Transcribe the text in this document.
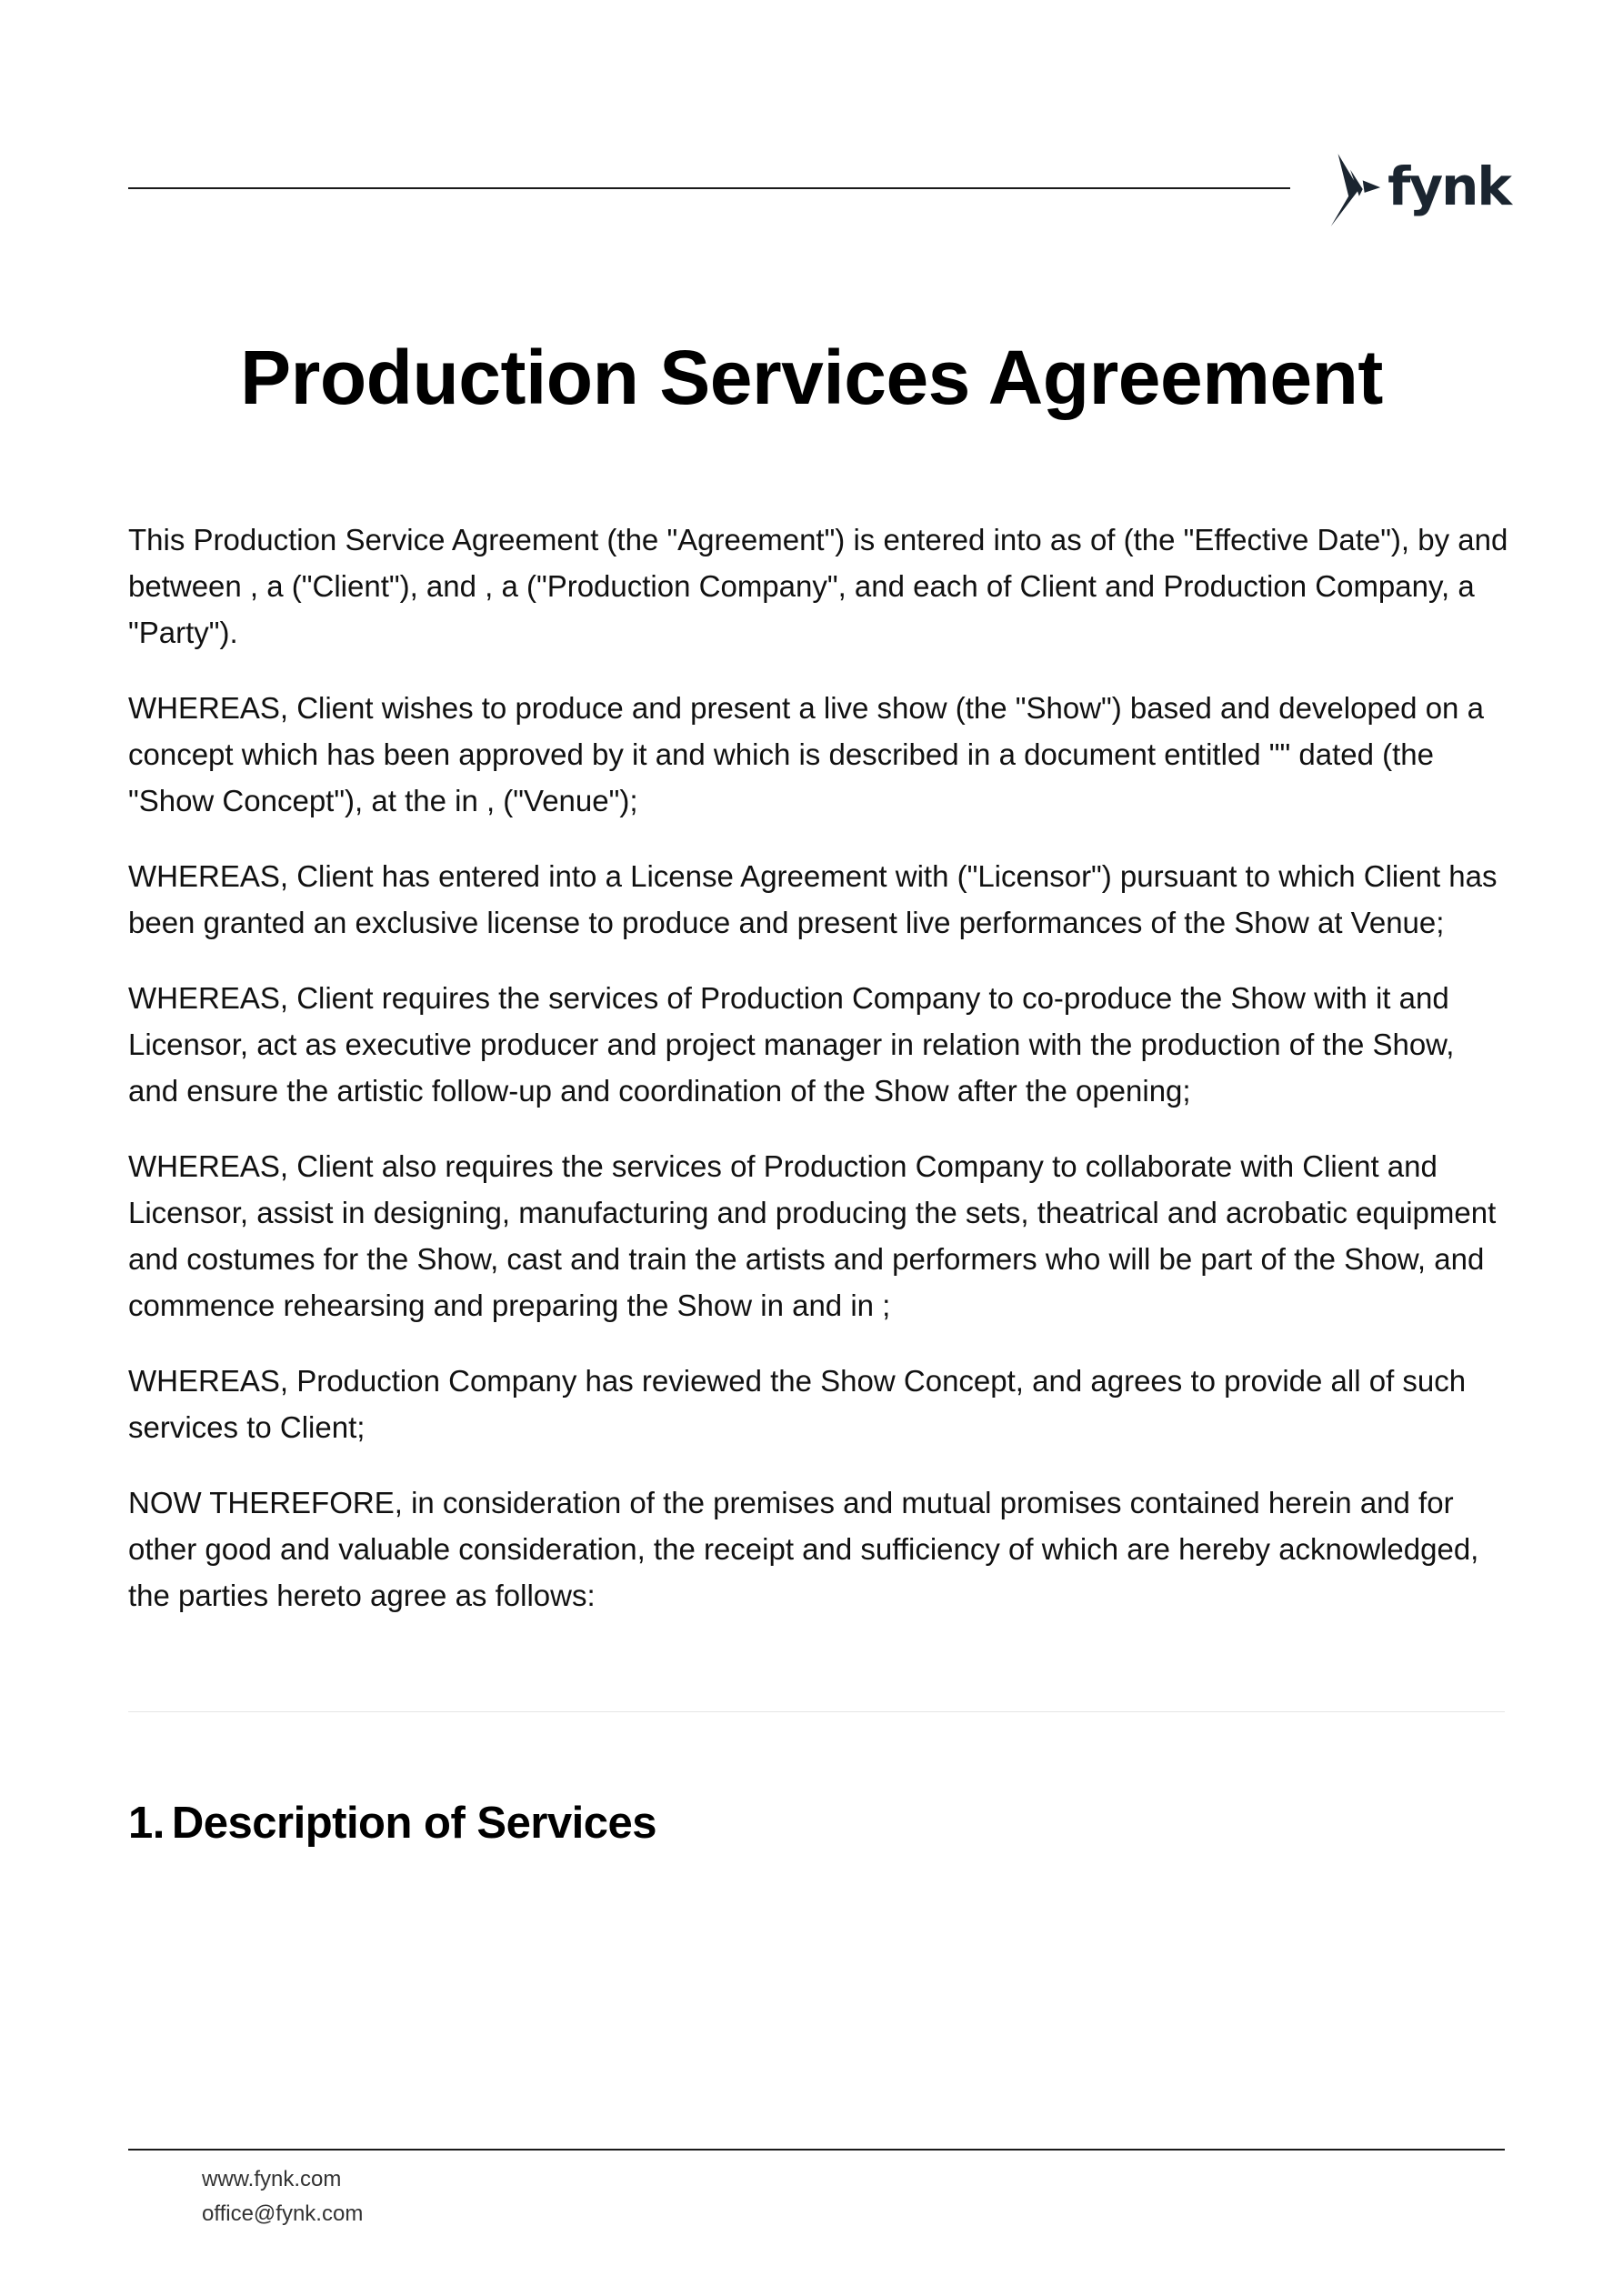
fynk
Production Services Agreement

This Production Service Agreement (the "Agreement") is entered into as of (the "Effective Date"), by and between , a ("Client"), and , a ("Production Company", and each of Client and Production Company, a "Party").

WHEREAS, Client wishes to produce and present a live show (the "Show") based and developed on a concept which has been approved by it and which is described in a document entitled "" dated (the "Show Concept"), at the in , ("Venue");

WHEREAS, Client has entered into a License Agreement with ("Licensor") pursuant to which Client has been granted an exclusive license to produce and present live performances of the Show at Venue;

WHEREAS, Client requires the services of Production Company to co-produce the Show with it and Licensor, act as executive producer and project manager in relation with the production of the Show, and ensure the artistic follow-up and coordination of the Show after the opening;

WHEREAS, Client also requires the services of Production Company to collaborate with Client and Licensor, assist in designing, manufacturing and producing the sets, theatrical and acrobatic equipment and costumes for the Show, cast and train the artists and performers who will be part of the Show, and commence rehearsing and preparing the Show in and in ;

WHEREAS, Production Company has reviewed the Show Concept, and agrees to provide all of such services to Client;

NOW THEREFORE, in consideration of the premises and mutual promises contained herein and for other good and valuable consideration, the receipt and sufficiency of which are hereby acknowledged, the parties hereto agree as follows:

1. Description of Services
www.fynk.com
office@fynk.com
